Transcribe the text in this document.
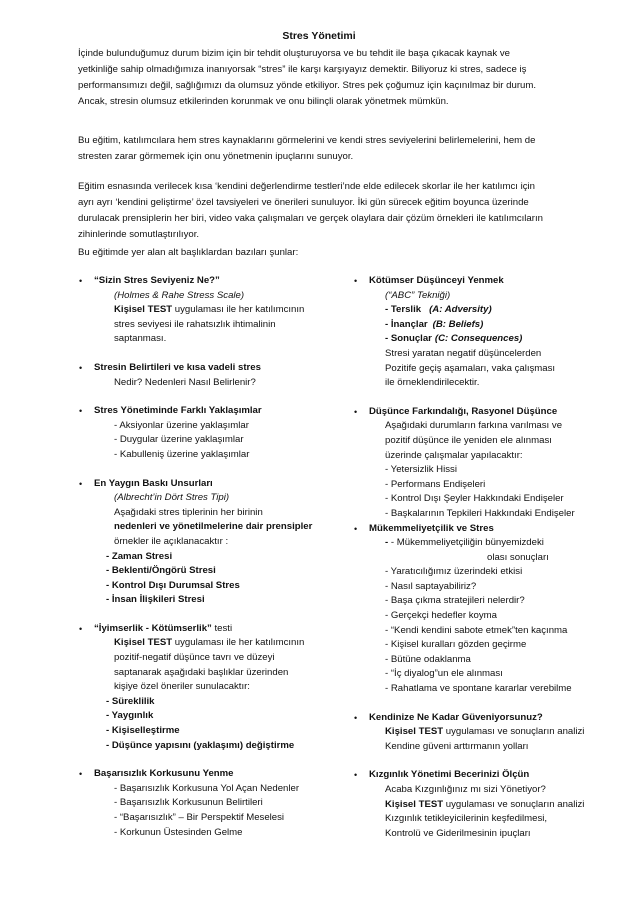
Stres Yönetimi
İçinde bulunduğumuz durum bizim için bir tehdit oluşturuyorsa ve bu tehdit ile başa çıkacak kaynak ve
yetkinliğe sahip olmadığımıza inanıyorsak “stres” ile karşı karşıyayız demektir. Biliyoruz ki stres, sadece iş
performansımızı değil, sağlığımızı da olumsuz yönde etkiliyor. Stres pek çoğumuz için kaçınılmaz bir durum.
Ancak, stresin olumsuz etkilerinden korunmak ve onu bilinçli olarak yönetmek mümkün.
Bu eğitim, katılımcılara hem stres kaynaklarını görmelerini ve kendi stres seviyelerini belirlemelerini, hem de
stresten zarar görmemek için onu yönetmenin ipuçlarını sunuyor.
Eğitim esnasında verilecek kısa ‘kendini değerlendirme testleri’nde elde edilecek skorlar ile her katılımcı için
ayrı ayrı ‘kendini geliştirme’ özel tavsiyeleri ve önerileri sunuluyor. İki gün sürecek eğitim boyunca üzerinde
durulacak prensiplerin her biri, video vaka çalışmaları ve gerçek olaylara dair çözüm örnekleri ile katılımcıların
zihinlerinde somutlaştırılıyor.
Bu eğitimde yer alan alt başlıklardan bazıları şunlar:
• “Sizin Stres Seviyeniz Ne?”
(Holmes & Rahe Stress Scale)
Kişisel TEST uygulaması ile her katılımcının
stres seviyesi ile rahatsızlık ihtimalinin
saptanması.
• Stresin Belirtileri ve kısa vadeli stres
Nedir? Nedenleri Nasıl Belirlenir?
• Stres Yönetiminde Farklı Yaklaşımlar
- Aksiyonlar üzerine yaklaşımlar
- Duygular üzerine yaklaşımlar
- Kabulleniş üzerine yaklaşımlar
• En Yaygın Baskı Unsurları
(Albrecht’in Dört Stres Tipi)
Aşağıdaki stres tiplerinin her birinin
nedenleri ve yönetilmelerine dair prensipler
örnekler ile açıklanacaktır :
- Zaman Stresi
- Beklenti/Öngörü Stresi
- Kontrol Dışı Durumsal Stres
- İnsan İlişkileri Stresi
• “İyimserlik - Kötümserlik” testi
Kişisel TEST uygulaması ile her katılımcının
pozitif-negatif düşünce tavrı ve düzeyi
saptanarak aşağıdaki başlıklar üzerinden
kişiye özel öneriler sunulacaktır:
- Süreklilik
- Yaygınlık
- Kişiselleştirme
- Düşünce yapısını (yaklaşımı) değiştirme
• Başarısızlık Korkusunu Yenme
- Başarısızlık Korkusuna Yol Açan Nedenler
- Başarısızlık Korkusunun Belirtileri
- “Başarısızlık” – Bir Perspektif Meselesi
- Korkunun Üstesinden Gelme
• Kötümser Düşünceyi Yenmek
(“ABC” Tekniği)
- Terslik (A: Adversity)
- İnançlar (B: Beliefs)
- Sonuçlar (C: Consequences)
Stresi yaratan negatif düşüncelerden
Pozitife geçiş aşamaları, vaka çalışması
ile örneklendirilecektir.
• Düşünce Farkındalığı, Rasyonel Düşünce
Aşağıdaki durumların farkına varılması ve
pozitif düşünce ile yeniden ele alınması
üzerinde çalışmalar yapılacaktır:
- Yetersizlik Hissi
- Performans Endişeleri
- Kontrol Dışı Şeyler Hakkındaki Endişeler
- Başkalarının Tepkileri Hakkındaki Endişeler
• Mükemmeliyetçilik ve Stres
- - Mükemmeliyetçiliğin bünyemizdeki
olası sonuçları
- Yaratıcılığımız üzerindeki etkisi
- Nasıl saptayabiliriz?
- Başa çıkma stratejileri nelerdir?
- Gerçekçi hedefler koyma
- “Kendi kendini sabote etmek”ten kaçınma
- Kişisel kuralları gözden geçirme
- Bütüne odaklanma
- “İç diyalog”un ele alınması
- Rahatlama ve spontane kararlar verebilme
• Kendinize Ne Kadar Güveniyorsunuz?
Kişisel TEST uygulaması ve sonuçların analizi
Kendine güveni arttırmanın yolları
• Kızgınlık Yönetimi Becerinizi Ölçün
Acaba Kızgınlığınız mı sizi Yönetiyor?
Kişisel TEST uygulaması ve sonuçların analizi
Kızgınlık tetikleyicilerinin keşfedilmesi,
Kontrolü ve Giderilmesinin ipuçları
